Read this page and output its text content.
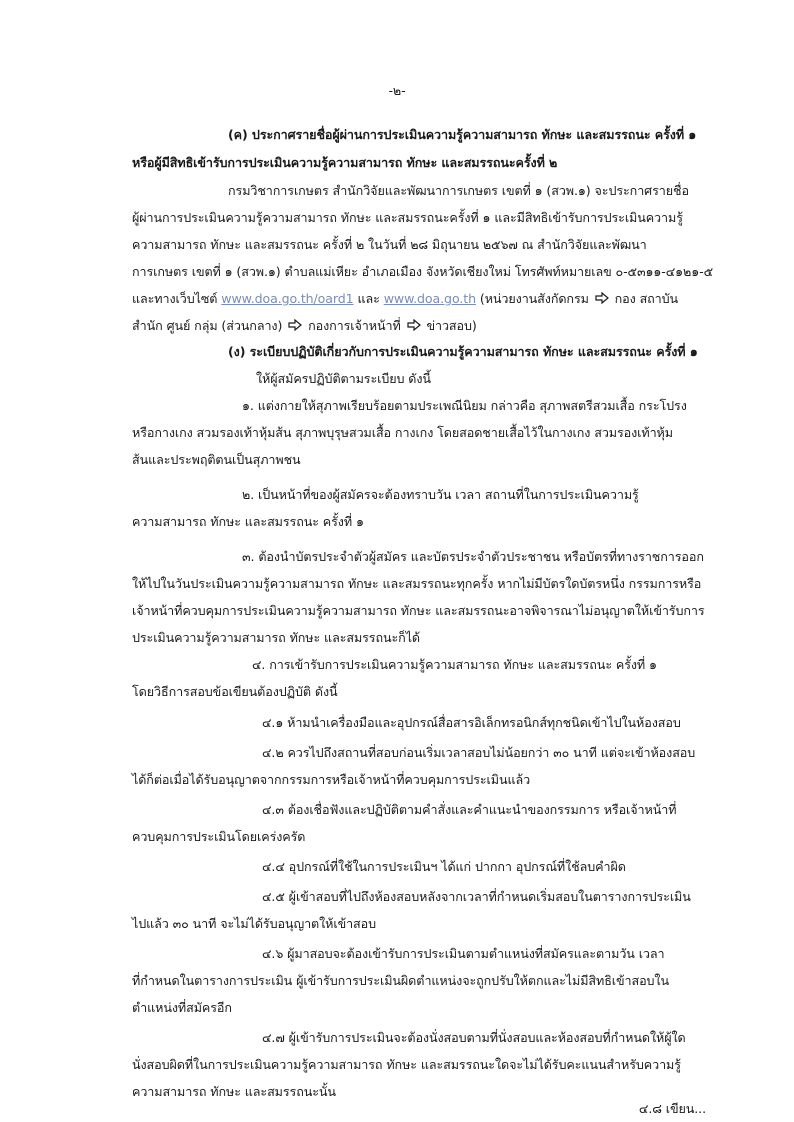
-๒-
(ค) ประกาศรายชื่อผู้ผ่านการประเมินความรู้ความสามารถ ทักษะ และสมรรถนะ ครั้งที่ ๑
หรือผู้มีสิทธิเข้ารับการประเมินความรู้ความสามารถ ทักษะ และสมรรถนะครั้งที่ ๒
กรมวิชาการเกษตร สำนักวิจัยและพัฒนาการเกษตร เขตที่ ๑ (สวพ.๑) จะประกาศรายชื่อ
ผู้ผ่านการประเมินความรู้ความสามารถ ทักษะ และสมรรถนะครั้งที่ ๑ และมีสิทธิเข้ารับการประเมินความรู้
ความสามารถ ทักษะ และสมรรถนะ ครั้งที่ ๒ ในวันที่ ๒๘ มิถุนายน ๒๕๖๗ ณ สำนักวิจัยและพัฒนา
การเกษตร เขตที่ ๑ (สวพ.๑) ตำบลแม่เหียะ อำเภอเมือง จังหวัดเชียงใหม่ โทรศัพท์หมายเลข ๐-๕๓๑๑-๔๑๒๑-๕
และทางเว็บไซต์ www.doa.go.th/oard1 และ www.doa.go.th (หน่วยงานสังกัดกรม กอง สถาบัน
สำนัก ศูนย์ กลุ่ม (ส่วนกลาง) กองการเจ้าหน้าที่ ข่าวสอบ)
(ง) ระเบียบปฏิบัติเกี่ยวกับการประเมินความรู้ความสามารถ ทักษะ และสมรรถนะ ครั้งที่ ๑
ให้ผู้สมัครปฏิบัติตามระเบียบ ดังนี้
๑. แต่งกายให้สุภาพเรียบร้อยตามประเพณีนิยม กล่าวคือ สุภาพสตรีสวมเสื้อ กระโปรง
หรือกางเกง สวมรองเท้าหุ้มส้น สุภาพบุรุษสวมเสื้อ กางเกง โดยสอดชายเสื้อไว้ในกางเกง สวมรองเท้าหุ้ม
ส้นและประพฤติตนเป็นสุภาพชน
๒. เป็นหน้าที่ของผู้สมัครจะต้องทราบวัน เวลา สถานที่ในการประเมินความรู้
ความสามารถ ทักษะ และสมรรถนะ ครั้งที่ ๑
๓. ต้องนำบัตรประจำตัวผู้สมัคร และบัตรประจำตัวประชาชน หรือบัตรที่ทางราชการออก
ให้ไปในวันประเมินความรู้ความสามารถ ทักษะ และสมรรถนะทุกครั้ง หากไม่มีบัตรใดบัตรหนึ่ง กรรมการหรือ
เจ้าหน้าที่ควบคุมการประเมินความรู้ความสามารถ ทักษะ และสมรรถนะอาจพิจารณาไม่อนุญาตให้เข้ารับการ
ประเมินความรู้ความสามารถ ทักษะ และสมรรถนะก็ได้
๔. การเข้ารับการประเมินความรู้ความสามารถ ทักษะ และสมรรถนะ ครั้งที่ ๑
โดยวิธีการสอบข้อเขียนต้องปฏิบัติ ดังนี้
๔.๑ ห้ามนำเครื่องมือและอุปกรณ์สื่อสารอิเล็กทรอนิกส์ทุกชนิดเข้าไปในห้องสอบ
๔.๒ ควรไปถึงสถานที่สอบก่อนเริ่มเวลาสอบไม่น้อยกว่า ๓๐ นาที แต่จะเข้าห้องสอบ
ได้ก็ต่อเมื่อได้รับอนุญาตจากกรรมการหรือเจ้าหน้าที่ควบคุมการประเมินแล้ว
๔.๓ ต้องเชื่อฟังและปฏิบัติตามคำสั่งและคำแนะนำของกรรมการ หรือเจ้าหน้าที่
ควบคุมการประเมินโดยเคร่งครัด
๔.๔ อุปกรณ์ที่ใช้ในการประเมินฯ ได้แก่ ปากกา อุปกรณ์ที่ใช้ลบคำผิด
๔.๕ ผู้เข้าสอบที่ไปถึงห้องสอบหลังจากเวลาที่กำหนดเริ่มสอบในตารางการประเมิน
ไปแล้ว ๓๐ นาที จะไม่ได้รับอนุญาตให้เข้าสอบ
๔.๖ ผู้มาสอบจะต้องเข้ารับการประเมินตามตำแหน่งที่สมัครและตามวัน เวลา
ที่กำหนดในตารางการประเมิน ผู้เข้ารับการประเมินผิดตำแหน่งจะถูกปรับให้ตกและไม่มีสิทธิเข้าสอบใน
ตำแหน่งที่สมัครอีก
๔.๗ ผู้เข้ารับการประเมินจะต้องนั่งสอบตามที่นั่งสอบและห้องสอบที่กำหนดให้ผู้ใด
นั่งสอบผิดที่ในการประเมินความรู้ความสามารถ ทักษะ และสมรรถนะใดจะไม่ได้รับคะแนนสำหรับความรู้
ความสามารถ ทักษะ และสมรรถนะนั้น
๔.๘ เขียน...
